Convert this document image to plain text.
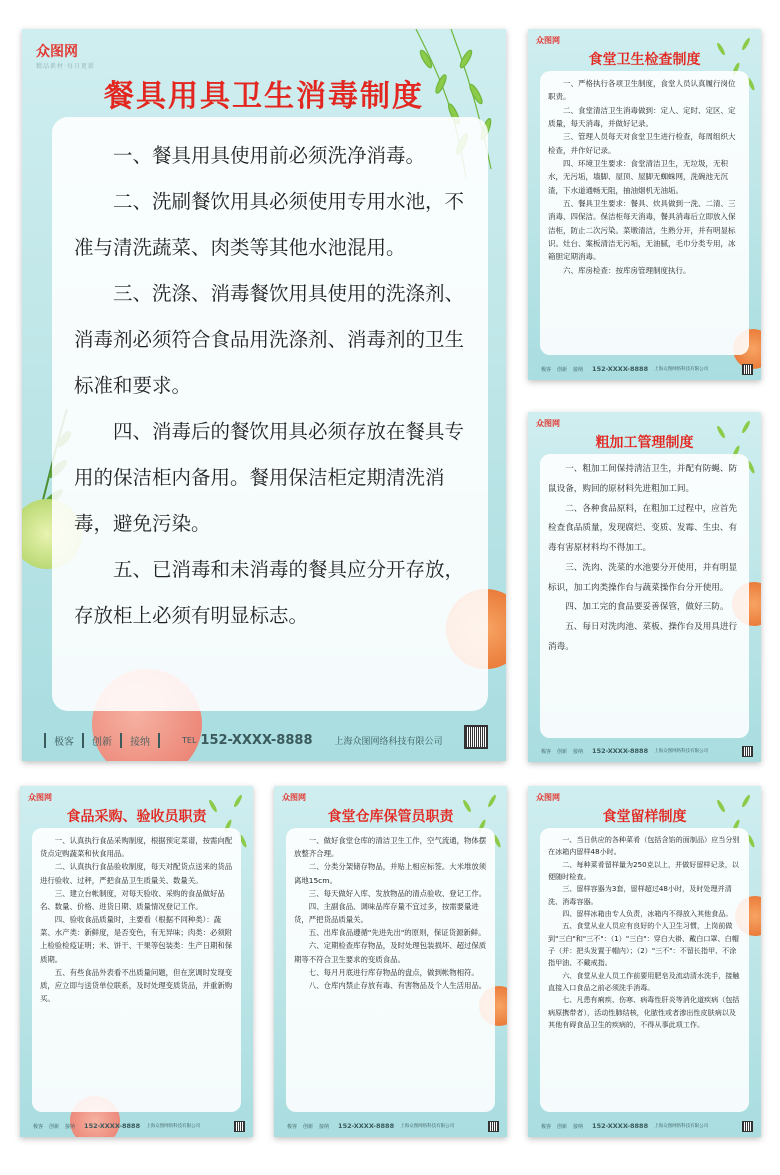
众图网
精品素材·每日更新
餐具用具卫生消毒制度

一、餐具用具使用前必须洗净消毒。

二、洗刷餐饮用具必须使用专用水池，不准与清洗蔬菜、肉类等其他水池混用。

三、洗涤、消毒餐饮用具使用的洗涤剂、消毒剂必须符合食品用洗涤剂、消毒剂的卫生标准和要求。

四、消毒后的餐饮用具必须存放在餐具专用的保洁柜内备用。餐用保洁柜定期清洗消毒，避免污染。

五、已消毒和未消毒的餐具应分开存放，存放柜上必须有明显标志。

极客	创新	接纳	TEL 152-XXXX-8888 上海众图网络科技有限公司
众图网
食堂卫生检查制度

一、严格执行各项卫生制度，食堂人员认真履行岗位职责。

二、食堂清洁卫生消毒做到：定人、定时、定区、定质量，每天消毒，并做好记录。

三、管理人员每天对食堂卫生进行检查，每周组织大检查，并作好记录。

四、环境卫生要求：食堂清洁卫生，无垃圾，无积水，无污垢，墙脚、屋顶、屋脚无蜘蛛网，洗碗池无沉渣，下水道通畅无阻，抽油烟机无油垢。

五、餐具卫生要求：餐具、炊具做到一洗、二清、三消毒、四保洁。保洁柜每天消毒，餐具消毒后立即放入保洁柜，防止二次污染。菜墩清洁，生熟分开，并有明显标识。灶台、案板清洁无污垢，无油腻，毛巾分类专用，冰箱胆定期消毒。

六、库房检查：按库房管理制度执行。

极客	创新	接纳	152-XXXX-8888 上海众图网络科技有限公司
众图网
粗加工管理制度

一、粗加工间保持清洁卫生，并配有防蝇、防鼠设备，购回的原材料先进粗加工间。

二、各种食品原料，在粗加工过程中，应首先检查食品质量，发现腐烂、变质、发霉、生虫、有毒有害原材料均不得加工。

三、洗肉、洗菜的水池要分开使用，并有明显标识，加工肉类操作台与蔬菜操作台分开使用。

四、加工完的食品要妥善保管，做好三防。

五、每日对洗肉池、菜板、操作台及用具进行消毒。

极客	创新	接纳	152-XXXX-8888 上海众图网络科技有限公司
众图网
食品采购、验收员职责

一、认真执行食品采购制度，根据预定菜谱，按需向配货点定购蔬菜和伙食用品。

二、认真执行食品验收制度，每天对配货点送来的货品进行验收、过秤，严把食品卫生质量关、数量关。

三、建立台帐制度，对每天验收、采购的食品做好品名、数量、价格、进货日期、质量情况登记工作。

四、验收食品质量时，主要看（根据不同种类）：蔬菜、水产类：新鲜度，是否变色，有无异味；肉类：必须附上检验检疫证明；米、饼干、干果等包装类：生产日期和保质期。

五、有些食品外表看不出质量问题，但在烹调时发现变质，应立即与送货单位联系，及时处理变质货品，并重新购买。

极客	创新	接纳	152-XXXX-8888 上海众图网络科技有限公司
众图网
食堂仓库保管员职责

一、做好食堂仓库的清洁卫生工作，空气流通，物体摆放整齐合理。

二、分类分架储存物品，并贴上相应标签。大米堆放须离地15cm。

三、每天做好入库、发放物品的清点验收、登记工作。

四、主副食品、调味品库存量不宜过多，按需要量进货，严把货品质量关。

五、出库食品遵循"先进先出"的原则，保证货源新鲜。

六、定期检查库存物品，及时处理包装损坏、超过保质期等不符合卫生要求的变质食品。

七、每月月底进行库存物品的盘点，做到帐物相符。

八、仓库内禁止存放有毒、有害物品及个人生活用品。

极客	创新	接纳	152-XXXX-8888 上海众图网络科技有限公司
众图网
食堂留样制度

一、当日供应的各种菜肴（包括含馅的面制品）应当分别在冰箱内留样48小时。

二、每种菜肴留样量为250克以上，并做好留样记录，以便随时检查。

三、留样容器为3套，留样超过48小时，及时处理并清洗、消毒容器。

四、留样冰箱由专人负责，冰箱内不得放入其他食品。

五、食堂从业人员应有良好的个人卫生习惯，上岗前做到"三白"和"三不"：（1）"三白"：穿白大褂、戴白口罩、白帽子（并：把头发置于帽内）；（2）"三不"：不留长指甲、不涂指甲油、不戴戒指。

六、食堂从业人员工作前要用肥皂及流动清水洗手，接触直接入口食品之前必须洗手消毒。

七、凡患有痢疾、伤寒、病毒性肝炎等消化道疾病（包括病原携带者），活动性肺结核，化脓性或者渗出性皮肤病以及其他有碍食品卫生的疾病的，不得从事此项工作。

极客	创新	接纳	152-XXXX-8888 上海众图网络科技有限公司
